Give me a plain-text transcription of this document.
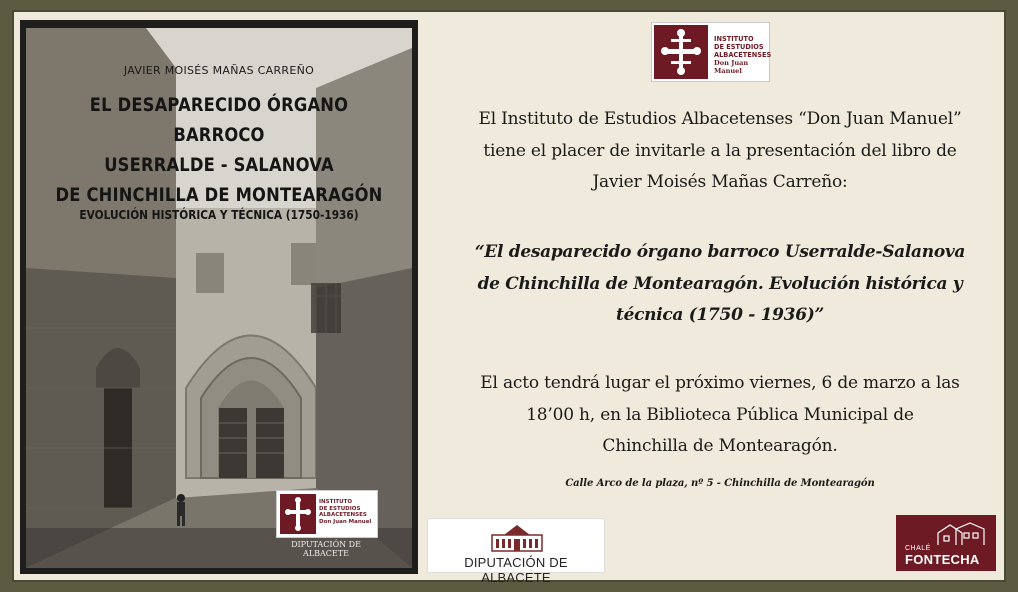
JAVIER MOISÉS MAÑAS CARREÑO
EL DESAPARECIDO ÓRGANO BARROCO
USERRALDE - SALANOVA
DE CHINCHILLA DE MONTEARAGÓN
EVOLUCIÓN HISTÓRICA Y TÉCNICA (1750-1936)
INSTITUTO
DE ESTUDIOS
ALBACETENSES
Don Juan Manuel
DIPUTACIÓN DE ALBACETE
INSTITUTO
DE ESTUDIOS
ALBACETENSES
Don Juan Manuel
El Instituto de Estudios Albacetenses “Don Juan Manuel”
tiene el placer de invitarle a la presentación del libro de
Javier Moisés Mañas Carreño:
“El desaparecido órgano barroco Userralde-Salanova
de Chinchilla de Montearagón. Evolución histórica y
técnica (1750 - 1936)”
El acto tendrá lugar el próximo viernes, 6 de marzo a las
18’00 h, en la Biblioteca Pública Municipal de
Chinchilla de Montearagón.
Calle Arco de la plaza, nº 5 - Chinchilla de Montearagón
DIPUTACIÓN DE ALBACETE
CHALÉ
FONTECHA
